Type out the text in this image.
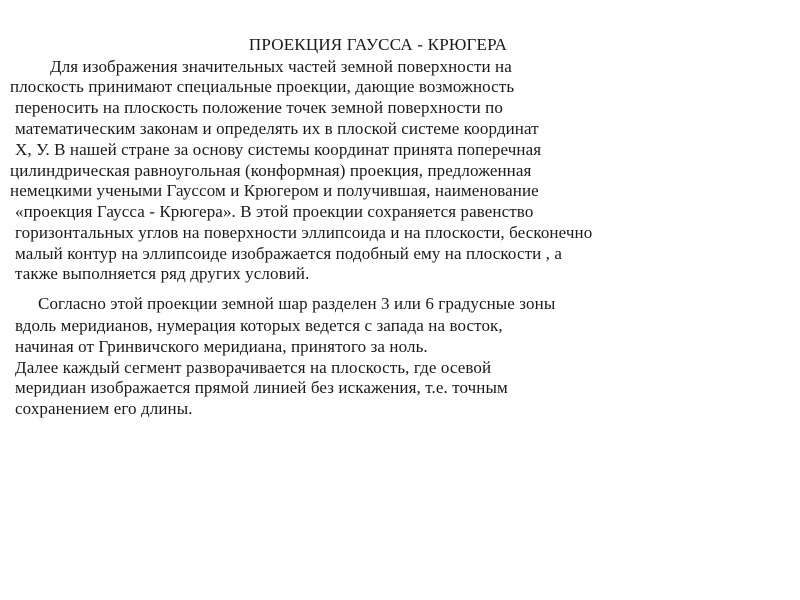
ПРОЕКЦИЯ ГАУССА - КРЮГЕРА
Для изображения значительных частей земной поверхности на
плоскость принимают специальные проекции, дающие возможность
переносить на плоскость положение точек земной поверхности по
математическим законам и определять их в плоской системе координат
Х, У. В нашей стране за основу системы координат принята поперечная
цилиндрическая равноугольная (конформная) проекция, предложенная
немецкими учеными Гауссом и Крюгером и получившая, наименование
«проекция Гаусса - Крюгера». В этой проекции сохраняется равенство
горизонтальных углов на поверхности эллипсоида и на плоскости, бесконечно
малый контур на эллипсоиде изображается подобный ему на плоскости , а
также выполняется ряд других условий.
Согласно этой проекции земной шар разделен 3 или 6 градусные зоны
вдоль меридианов, нумерация которых ведется с запада на восток,
начиная от Гринвичского меридиана, принятого за ноль.
Далее каждый сегмент разворачивается на плоскость, где осевой
меридиан изображается прямой линией без искажения, т.е. точным
сохранением его длины.
